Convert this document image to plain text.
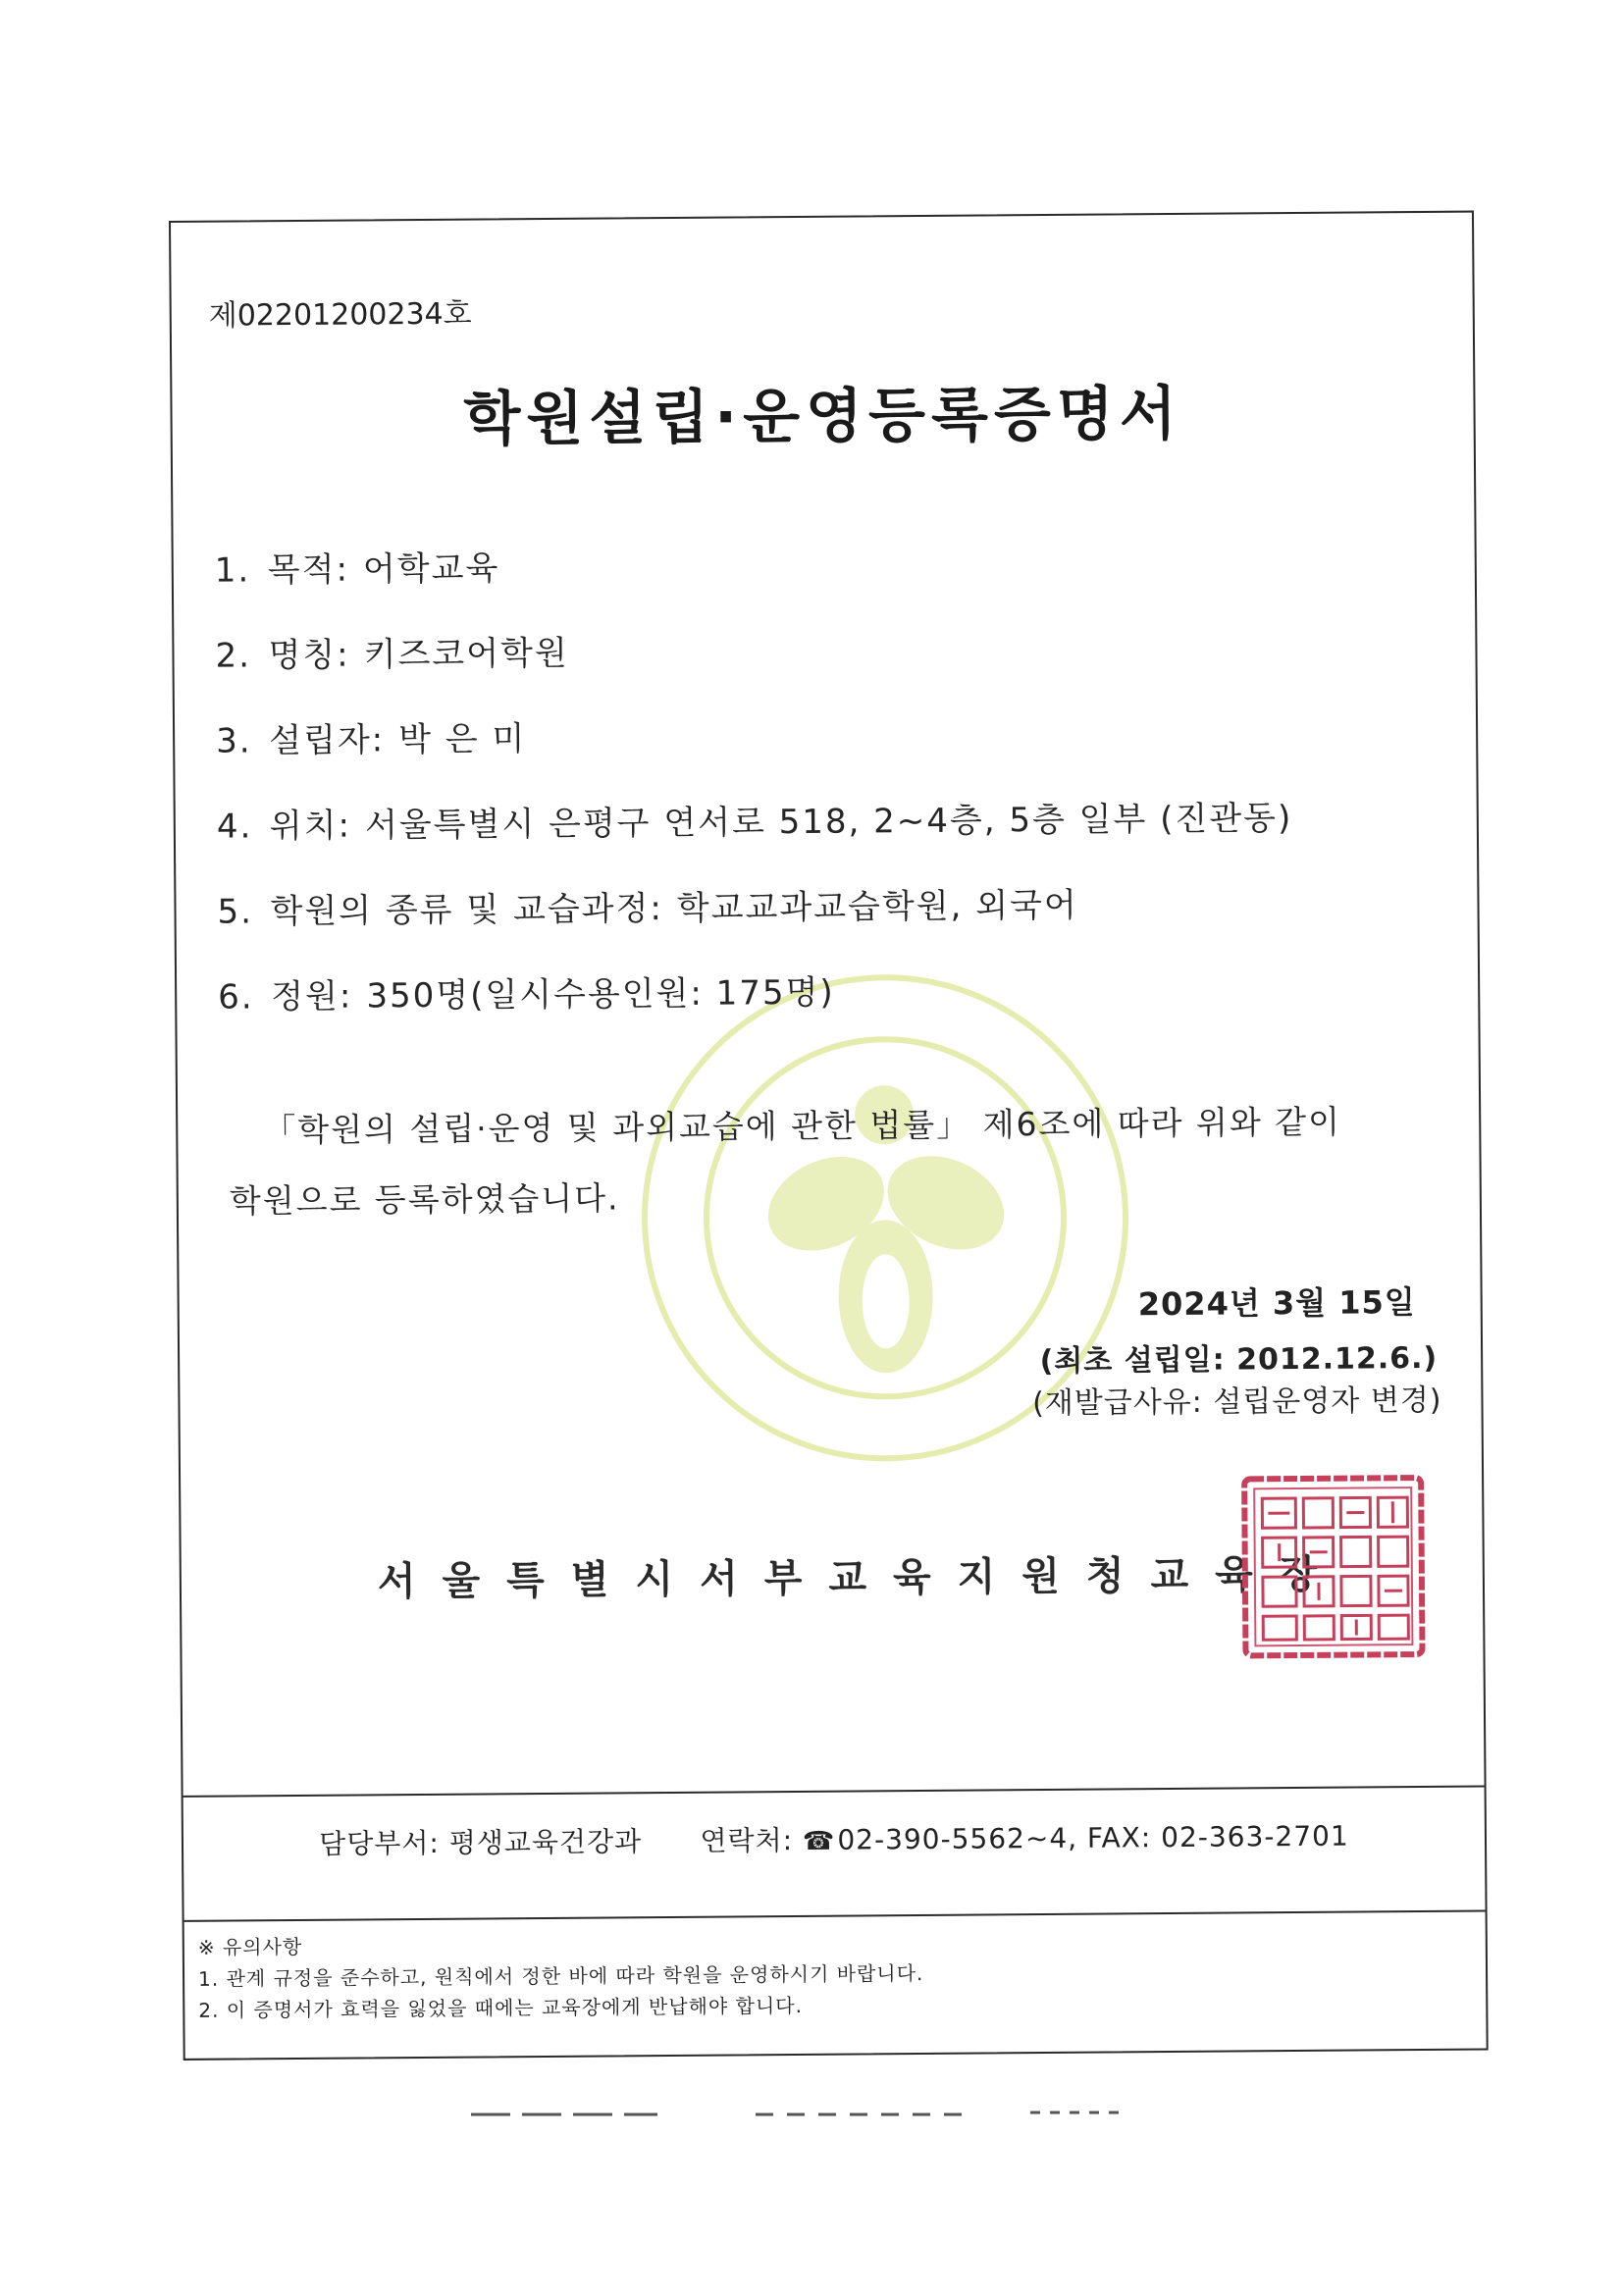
제02201200234호
학원설립·운영등록증명서
1. 목적: 어학교육
2. 명칭: 키즈코어학원
3. 설립자: 박 은 미
4. 위치: 서울특별시 은평구 연서로 518, 2~4층, 5층 일부 (진관동)
5. 학원의 종류 및 교습과정: 학교교과교습학원, 외국어
6. 정원: 350명(일시수용인원: 175명)
「학원의 설립·운영 및 과외교습에 관한 법률」 제6조에 따라 위와 같이
학원으로 등록하였습니다.
2024년 3월 15일
(최초 설립일: 2012.12.6.)
(재발급사유: 설립운영자 변경)
서울특별시서부교육지원청교육장
담당부서: 평생교육건강과 연락처: ☎02-390-5562~4, FAX: 02-363-2701
※ 유의사항
1. 관계 규정을 준수하고, 원칙에서 정한 바에 따라 학원을 운영하시기 바랍니다.
2. 이 증명서가 효력을 잃었을 때에는 교육장에게 반납해야 합니다.
